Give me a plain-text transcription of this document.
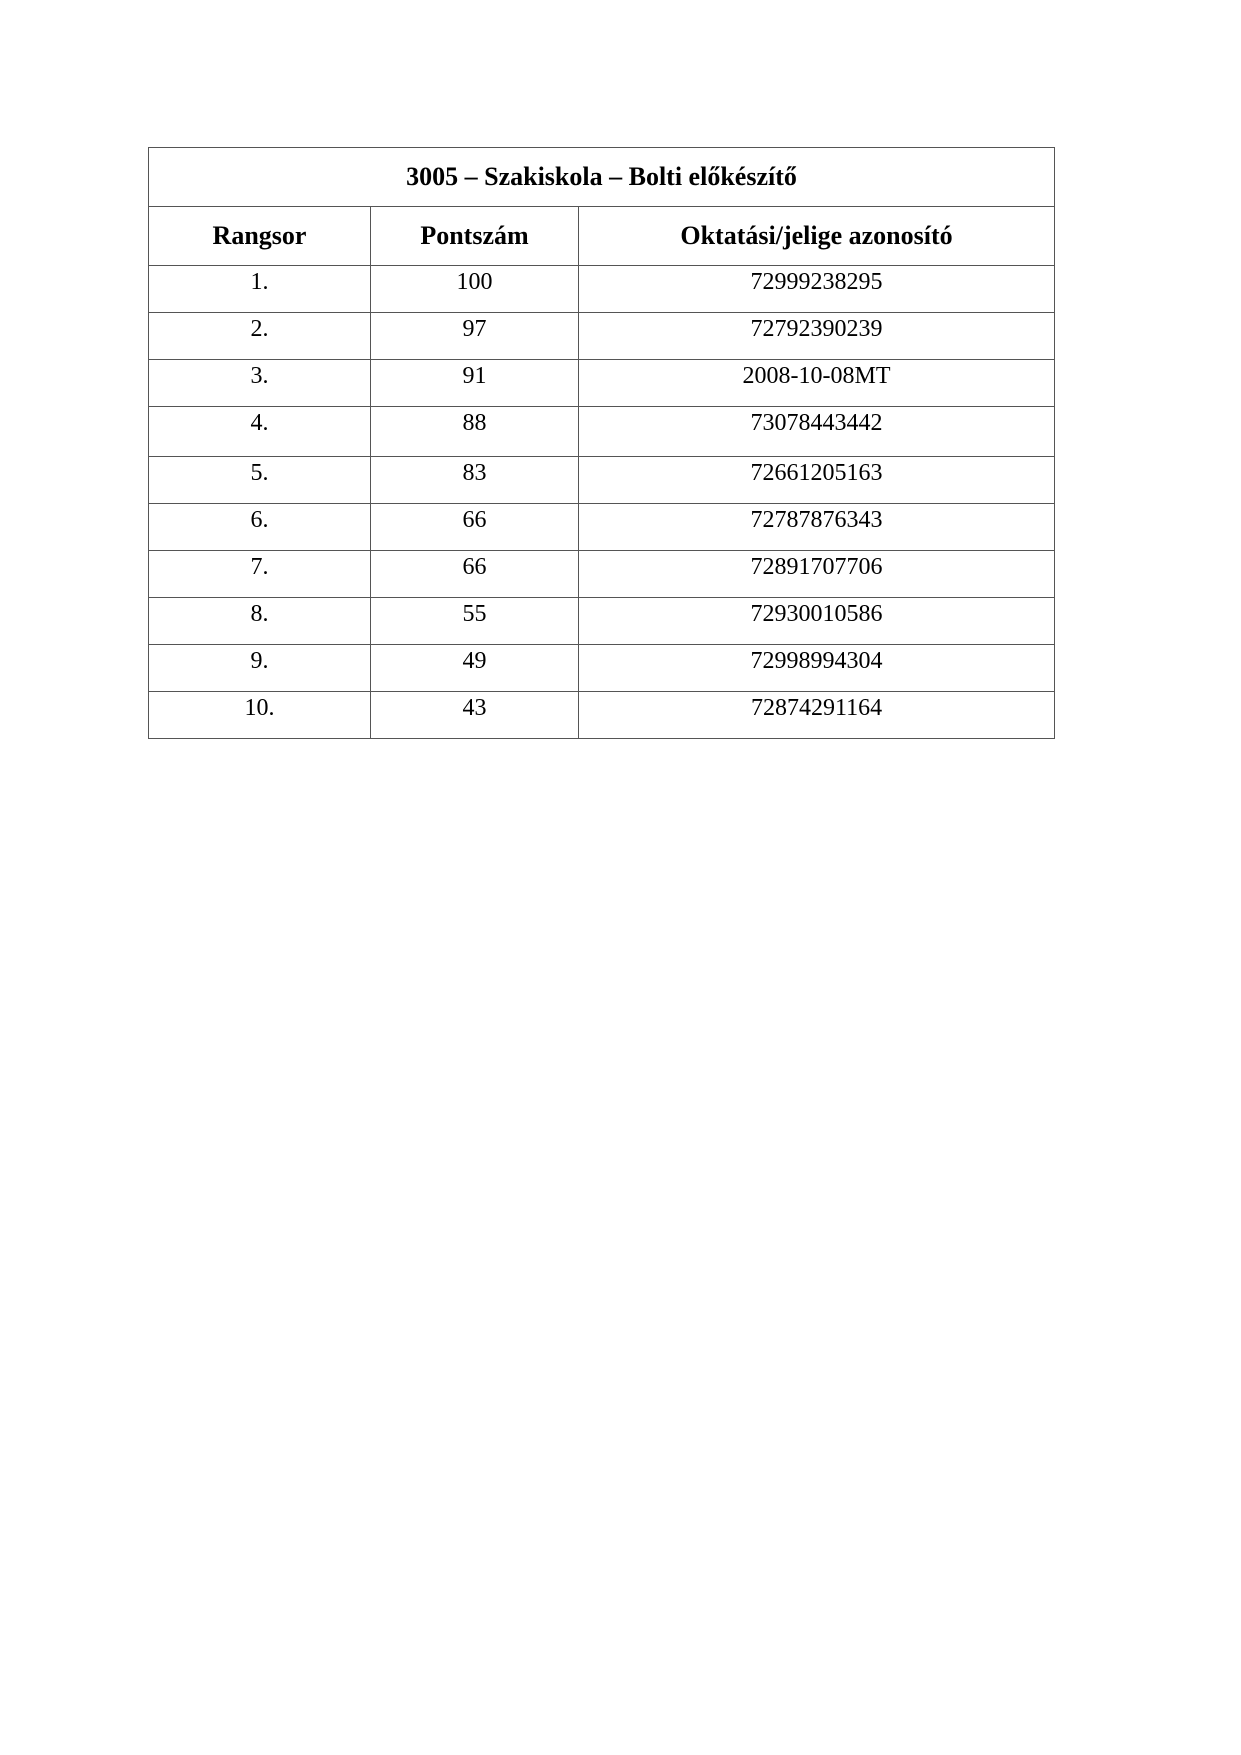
3005 – Szakiskola – Bolti előkészítő		
Rangsor	Pontszám	Oktatási/jelige azonosító
1.	100	72999238295
2.	97	72792390239
3.	91	2008-10-08MT
4.	88	73078443442
5.	83	72661205163
6.	66	72787876343
7.	66	72891707706
8.	55	72930010586
9.	49	72998994304
10.	43	72874291164
